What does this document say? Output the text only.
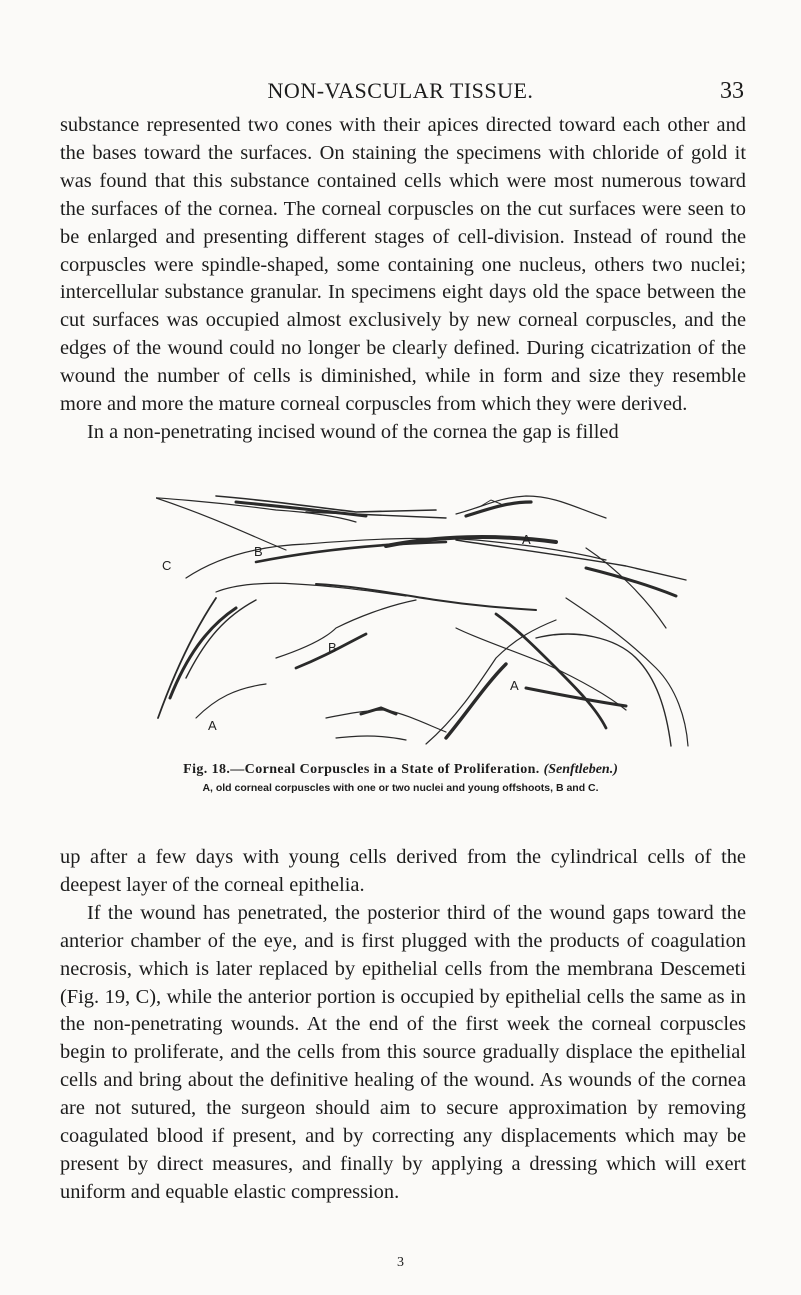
NON-VASCULAR TISSUE.	33

substance represented two cones with their apices directed toward each other and the bases toward the surfaces. On staining the specimens with chloride of gold it was found that this substance contained cells which were most numerous toward the surfaces of the cornea. The corneal corpuscles on the cut surfaces were seen to be enlarged and presenting different stages of cell-division. Instead of round the corpuscles were spindle-shaped, some containing one nucleus, others two nuclei; intercellular substance granular. In specimens eight days old the space between the cut surfaces was occupied almost exclusively by new corneal corpuscles, and the edges of the wound could no longer be clearly defined. During cicatrization of the wound the number of cells is diminished, while in form and size they resemble more and more the mature corneal corpuscles from which they were derived.

In a non-penetrating incised wound of the cornea the gap is filled

C
B
A
B
A
A
Fig. 18.—Corneal Corpuscles in a State of Proliferation. (Senftleben.)
A, old corneal corpuscles with one or two nuclei and young offshoots, B and C.

up after a few days with young cells derived from the cylindrical cells of the deepest layer of the corneal epithelia.

If the wound has penetrated, the posterior third of the wound gaps toward the anterior chamber of the eye, and is first plugged with the products of coagulation necrosis, which is later replaced by epithelial cells from the membrana Descemeti (Fig. 19, C), while the anterior portion is occupied by epithelial cells the same as in the non-penetrating wounds. At the end of the first week the corneal corpuscles begin to proliferate, and the cells from this source gradually displace the epithelial cells and bring about the definitive healing of the wound. As wounds of the cornea are not sutured, the surgeon should aim to secure approximation by removing coagulated blood if present, and by correcting any displacements which may be present by direct measures, and finally by applying a dressing which will exert uniform and equable elastic compression.

3
